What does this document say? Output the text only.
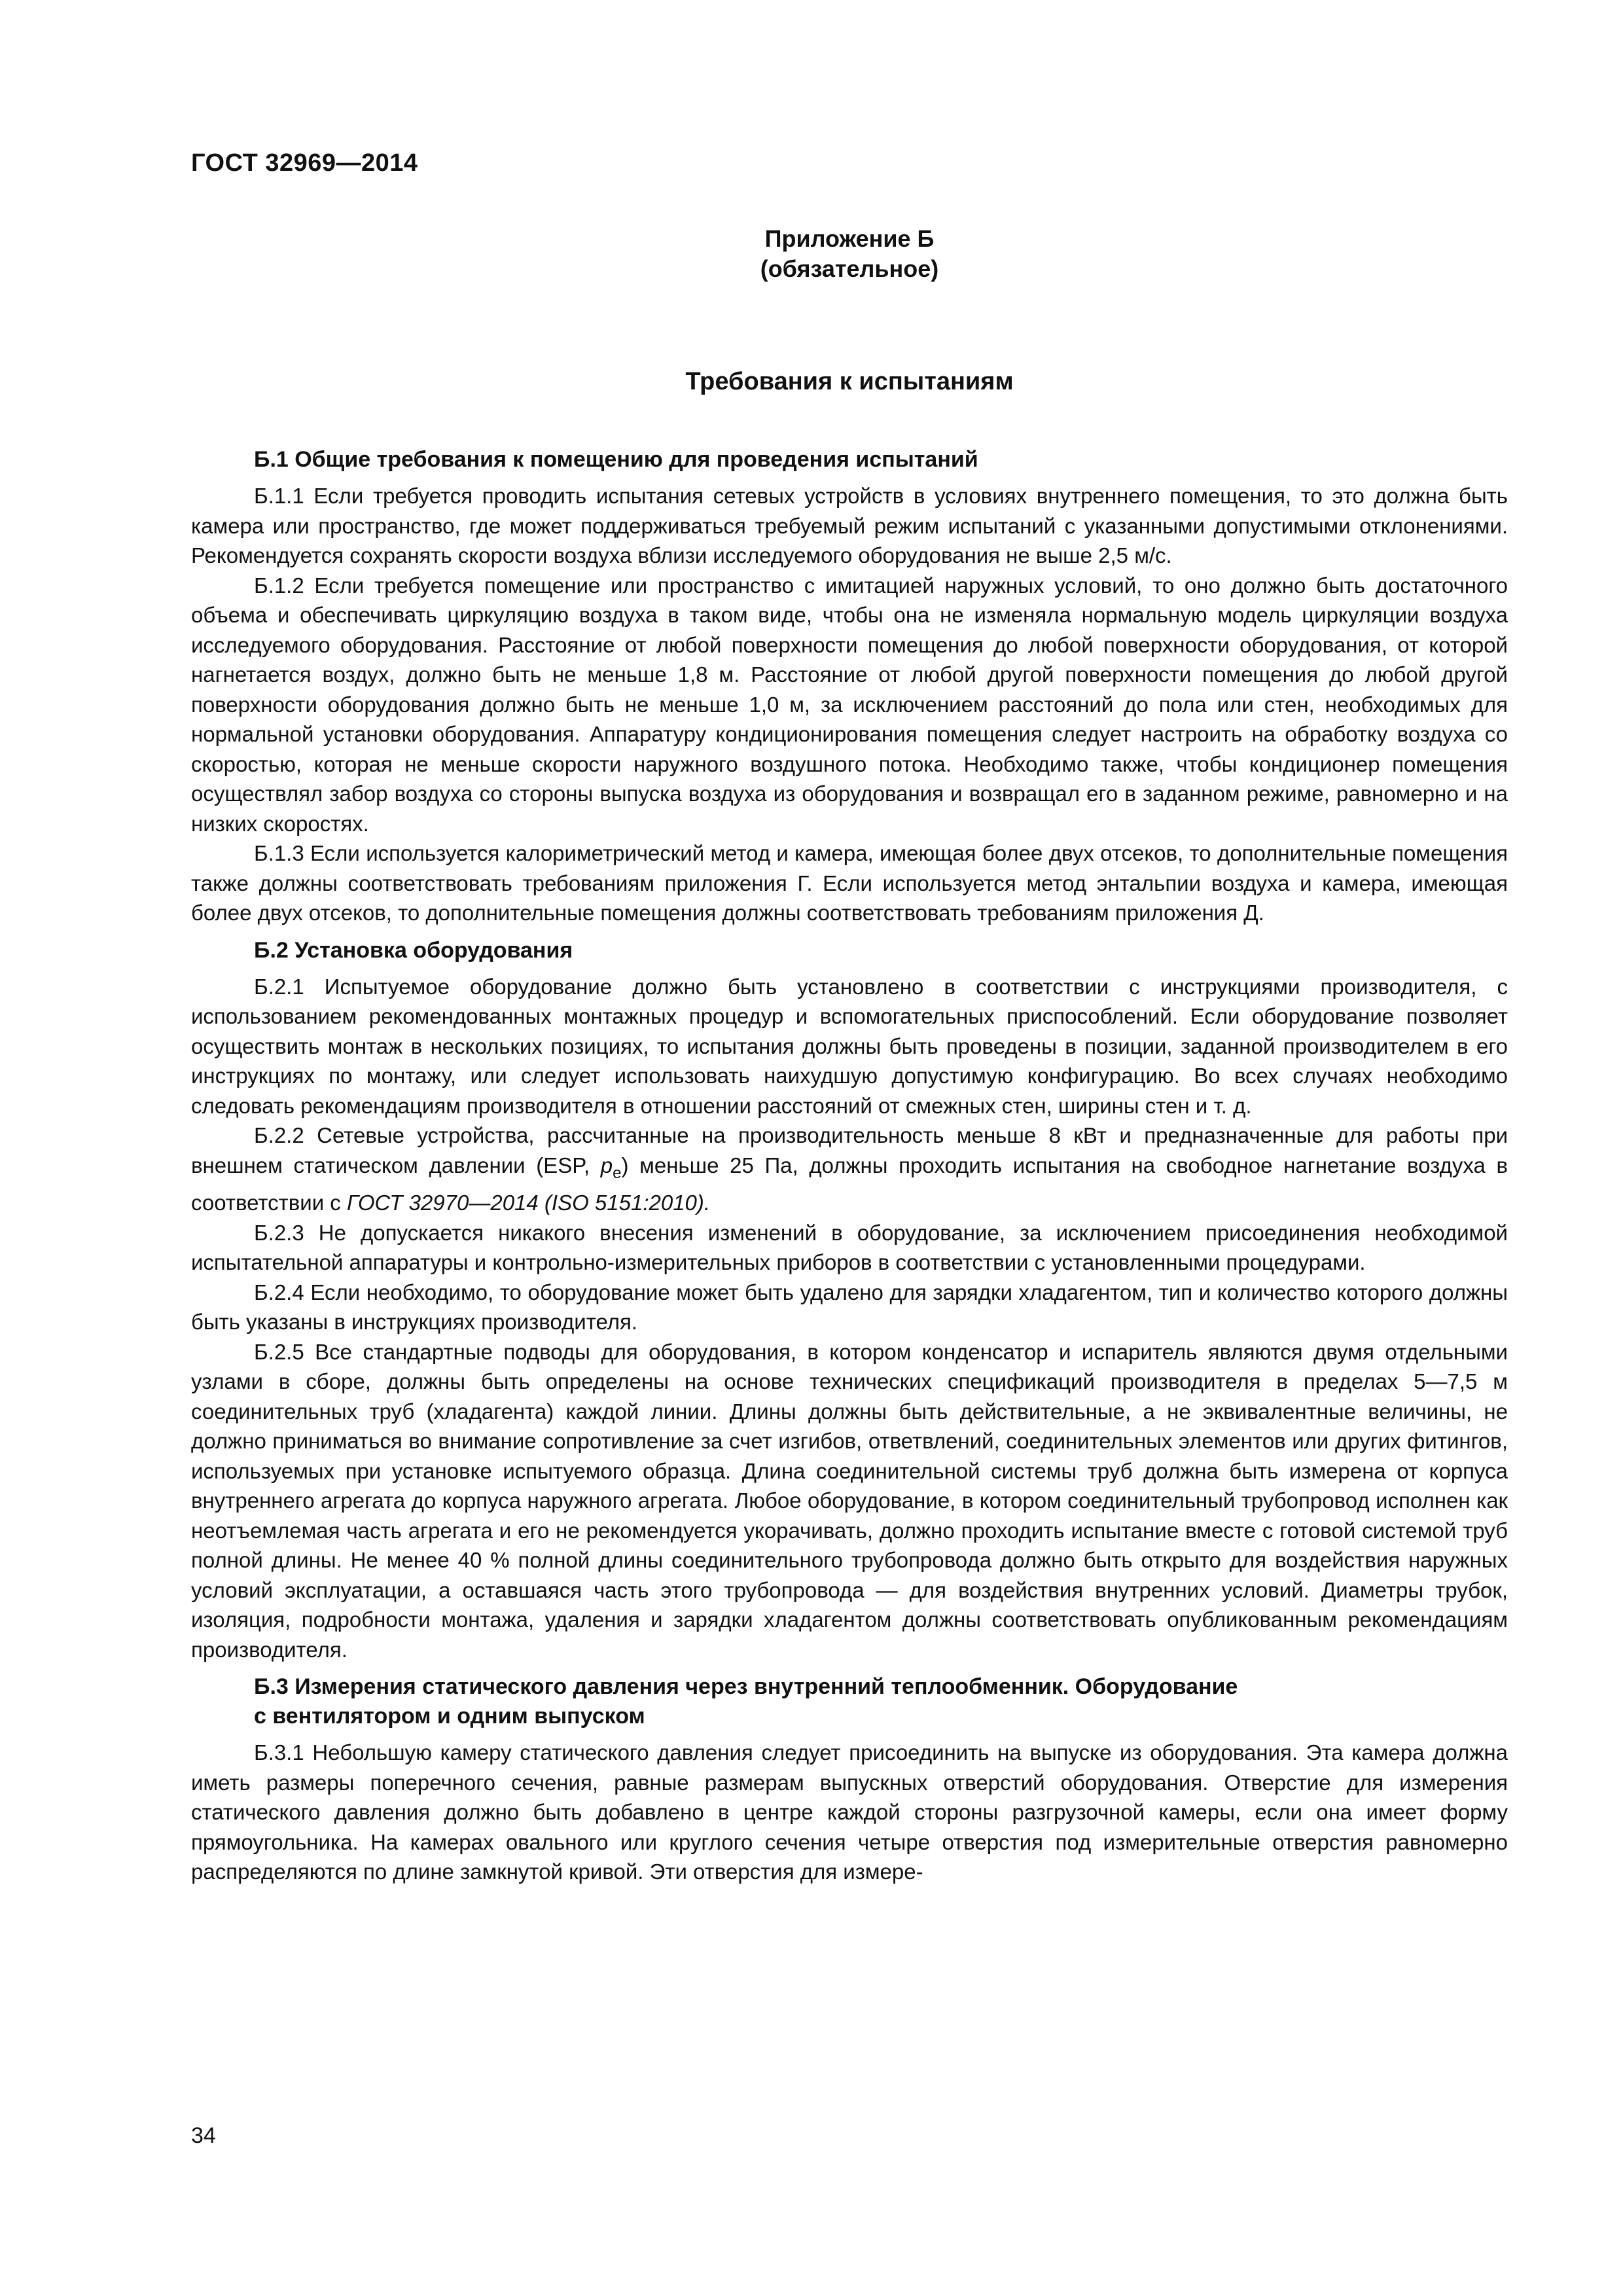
ГОСТ 32969—2014
Приложение Б
(обязательное)
Требования к испытаниям
Б.1 Общие требования к помещению для проведения испытаний

Б.1.1 Если требуется проводить испытания сетевых устройств в условиях внутреннего помещения, то это должна быть камера или пространство, где может поддерживаться требуемый режим испытаний с указанными допустимыми отклонениями. Рекомендуется сохранять скорости воздуха вблизи исследуемого оборудования не выше 2,5 м/с.

Б.1.2 Если требуется помещение или пространство с имитацией наружных условий, то оно должно быть достаточного объема и обеспечивать циркуляцию воздуха в таком виде, чтобы она не изменяла нормальную модель циркуляции воздуха исследуемого оборудования. Расстояние от любой поверхности помещения до любой поверхности оборудования, от которой нагнетается воздух, должно быть не меньше 1,8 м. Расстояние от любой другой поверхности помещения до любой другой поверхности оборудования должно быть не меньше 1,0 м, за исключением расстояний до пола или стен, необходимых для нормальной установки оборудования. Аппаратуру кондиционирования помещения следует настроить на обработку воздуха со скоростью, которая не меньше скорости наружного воздушного потока. Необходимо также, чтобы кондиционер помещения осуществлял забор воздуха со стороны выпуска воздуха из оборудования и возвращал его в заданном режиме, равномерно и на низких скоростях.

Б.1.3 Если используется калориметрический метод и камера, имеющая более двух отсеков, то дополнительные помещения также должны соответствовать требованиям приложения Г. Если используется метод энтальпии воздуха и камера, имеющая более двух отсеков, то дополнительные помещения должны соответствовать требованиям приложения Д.

Б.2 Установка оборудования

Б.2.1 Испытуемое оборудование должно быть установлено в соответствии с инструкциями производителя, с использованием рекомендованных монтажных процедур и вспомогательных приспособлений. Если оборудование позволяет осуществить монтаж в нескольких позициях, то испытания должны быть проведены в позиции, заданной производителем в его инструкциях по монтажу, или следует использовать наихудшую допустимую конфигурацию. Во всех случаях необходимо следовать рекомендациям производителя в отношении расстояний от смежных стен, ширины стен и т. д.

Б.2.2 Сетевые устройства, рассчитанные на производительность меньше 8 кВт и предназначенные для работы при внешнем статическом давлении (ESP, $p_e$) меньше 25 Па, должны проходить испытания на свободное нагнетание воздуха в соответствии с ГОСТ 32970—2014 (ISO 5151:2010).

Б.2.3 Не допускается никакого внесения изменений в оборудование, за исключением присоединения необходимой испытательной аппаратуры и контрольно-измерительных приборов в соответствии с установленными процедурами.

Б.2.4 Если необходимо, то оборудование может быть удалено для зарядки хладагентом, тип и количество которого должны быть указаны в инструкциях производителя.

Б.2.5 Все стандартные подводы для оборудования, в котором конденсатор и испаритель являются двумя отдельными узлами в сборе, должны быть определены на основе технических спецификаций производителя в пределах 5—7,5 м соединительных труб (хладагента) каждой линии. Длины должны быть действительные, а не эквивалентные величины, не должно приниматься во внимание сопротивление за счет изгибов, ответвлений, соединительных элементов или других фитингов, используемых при установке испытуемого образца. Длина соединительной системы труб должна быть измерена от корпуса внутреннего агрегата до корпуса наружного агрегата. Любое оборудование, в котором соединительный трубопровод исполнен как неотъемлемая часть агрегата и его не рекомендуется укорачивать, должно проходить испытание вместе с готовой системой труб полной длины. Не менее 40 % полной длины соединительного трубопровода должно быть открыто для воздействия наружных условий эксплуатации, а оставшаяся часть этого трубопровода — для воздействия внутренних условий. Диаметры трубок, изоляция, подробности монтажа, удаления и зарядки хладагентом должны соответствовать опубликованным рекомендациям производителя.

Б.3 Измерения статического давления через внутренний теплообменник. Оборудование
с вентилятором и одним выпуском

Б.3.1 Небольшую камеру статического давления следует присоединить на выпуске из оборудования. Эта камера должна иметь размеры поперечного сечения, равные размерам выпускных отверстий оборудования. Отверстие для измерения статического давления должно быть добавлено в центре каждой стороны разгрузочной камеры, если она имеет форму прямоугольника. На камерах овального или круглого сечения четыре отверстия под измерительные отверстия равномерно распределяются по длине замкнутой кривой. Эти отверстия для измере-

34
